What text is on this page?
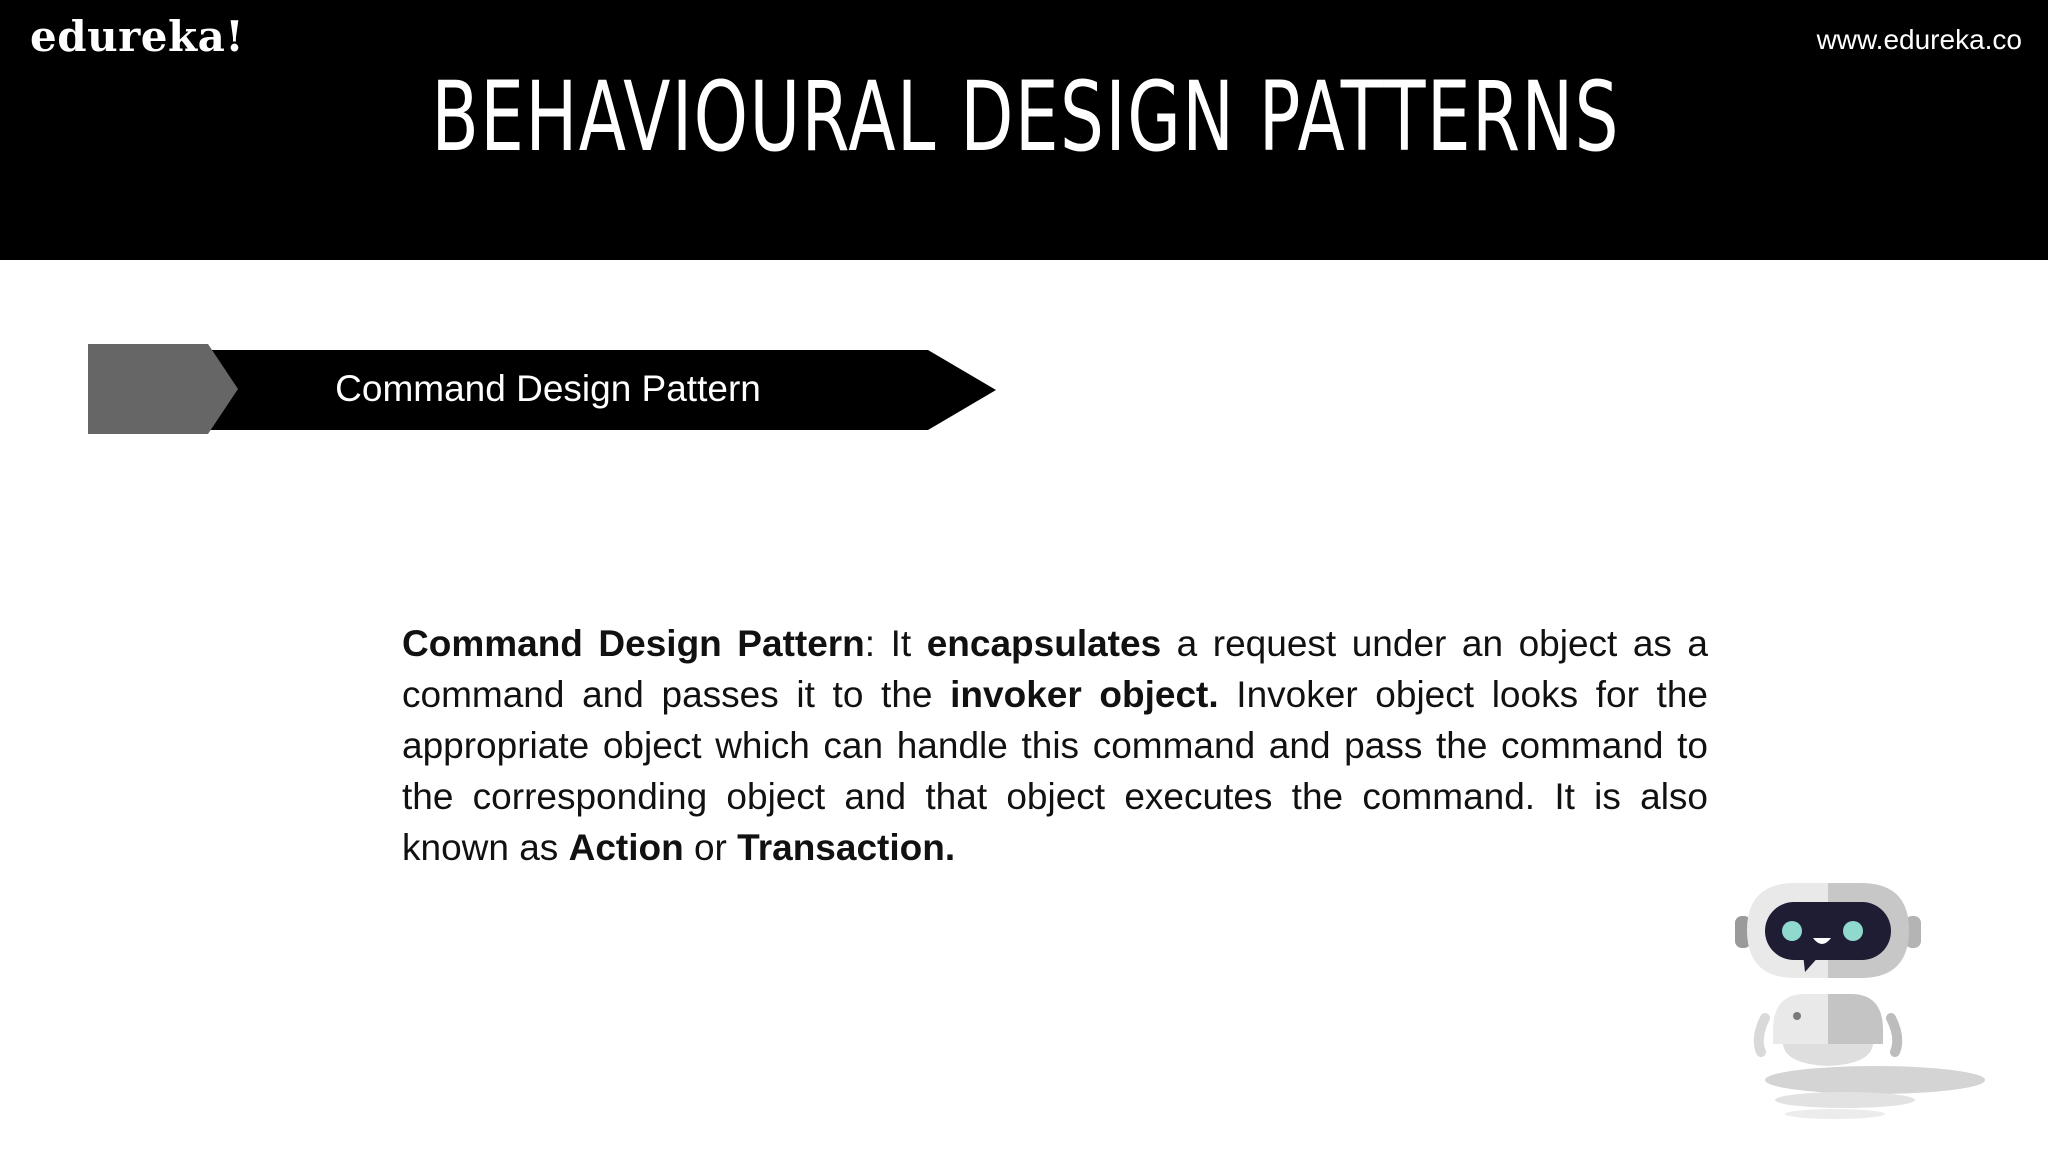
edureka!	www.edureka.co
BEHAVIOURAL DESIGN PATTERNS
Command Design Pattern
Command Design Pattern: It encapsulates a request under an object as a command and passes it to the invoker object. Invoker object looks for the appropriate object which can handle this command and pass the command to the corresponding object and that object executes the command. It is also known as Action or Transaction.
